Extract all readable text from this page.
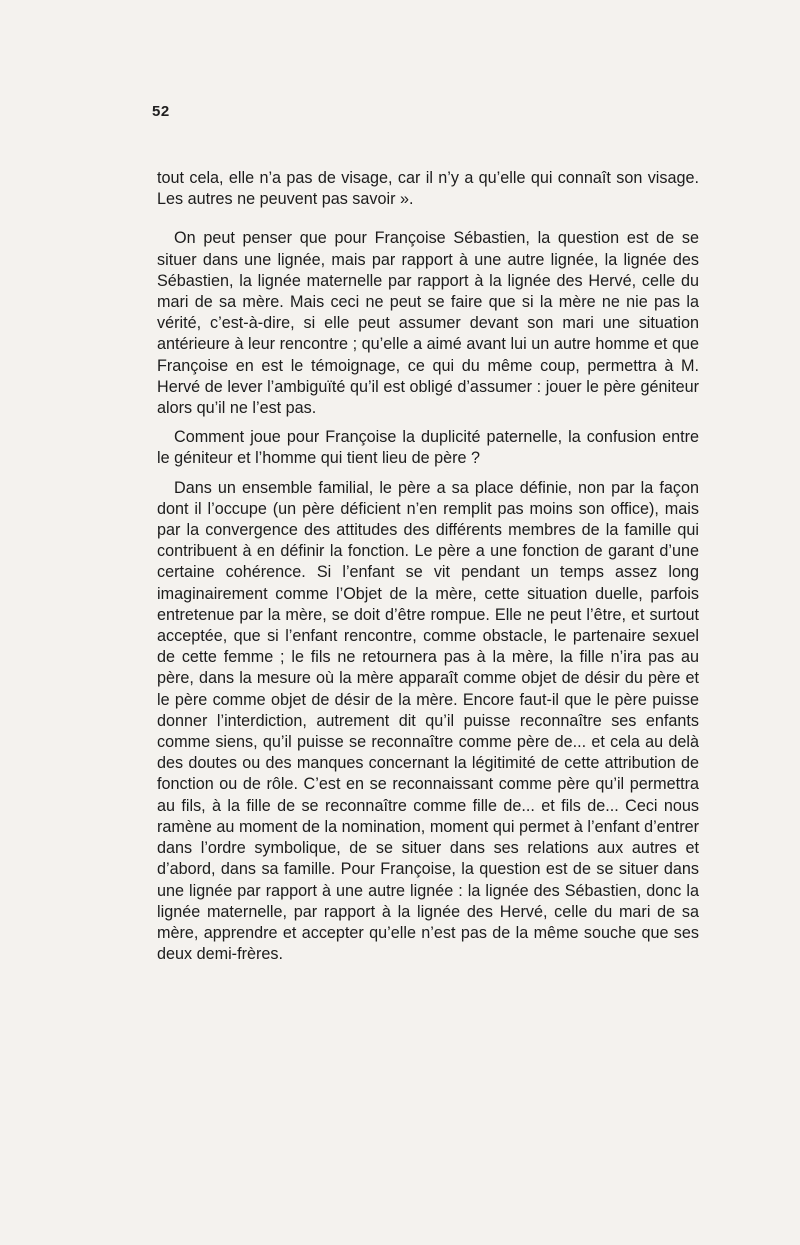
52

tout cela, elle n’a pas de visage, car il n’y a qu’elle qui connaît son visage. Les autres ne peuvent pas savoir ».

On peut penser que pour Françoise Sébastien, la question est de se situer dans une lignée, mais par rapport à une autre lignée, la lignée des Sébastien, la lignée maternelle par rapport à la lignée des Hervé, celle du mari de sa mère. Mais ceci ne peut se faire que si la mère ne nie pas la vérité, c’est-à-dire, si elle peut assumer devant son mari une situation antérieure à leur rencontre ; qu’elle a aimé avant lui un autre homme et que Françoise en est le témoignage, ce qui du même coup, permettra à M. Hervé de lever l’ambiguïté qu’il est obligé d’assumer : jouer le père géniteur alors qu’il ne l’est pas.

Comment joue pour Françoise la duplicité paternelle, la confusion entre le géniteur et l’homme qui tient lieu de père ?

Dans un ensemble familial, le père a sa place définie, non par la façon dont il l’occupe (un père déficient n’en remplit pas moins son office), mais par la convergence des attitudes des différents membres de la famille qui contribuent à en définir la fonction. Le père a une fonction de garant d’une certaine cohérence. Si l’enfant se vit pendant un temps assez long imaginairement comme l’Objet de la mère, cette situation duelle, parfois entretenue par la mère, se doit d’être rompue. Elle ne peut l’être, et surtout acceptée, que si l’enfant rencontre, comme obstacle, le partenaire sexuel de cette femme ; le fils ne retournera pas à la mère, la fille n’ira pas au père, dans la mesure où la mère apparaît comme objet de désir du père et le père comme objet de désir de la mère. Encore faut-il que le père puisse donner l’interdiction, autrement dit qu’il puisse reconnaître ses enfants comme siens, qu’il puisse se reconnaître comme père de... et cela au delà des doutes ou des manques concernant la légitimité de cette attribution de fonction ou de rôle. C’est en se reconnaissant comme père qu’il permettra au fils, à la fille de se reconnaître comme fille de... et fils de... Ceci nous ramène au moment de la nomination, moment qui permet à l’enfant d’entrer dans l’ordre symbolique, de se situer dans ses relations aux autres et d’abord, dans sa famille. Pour Françoise, la question est de se situer dans une lignée par rapport à une autre lignée : la lignée des Sébastien, donc la lignée maternelle, par rapport à la lignée des Hervé, celle du mari de sa mère, apprendre et accepter qu’elle n’est pas de la même souche que ses deux demi-frères.
